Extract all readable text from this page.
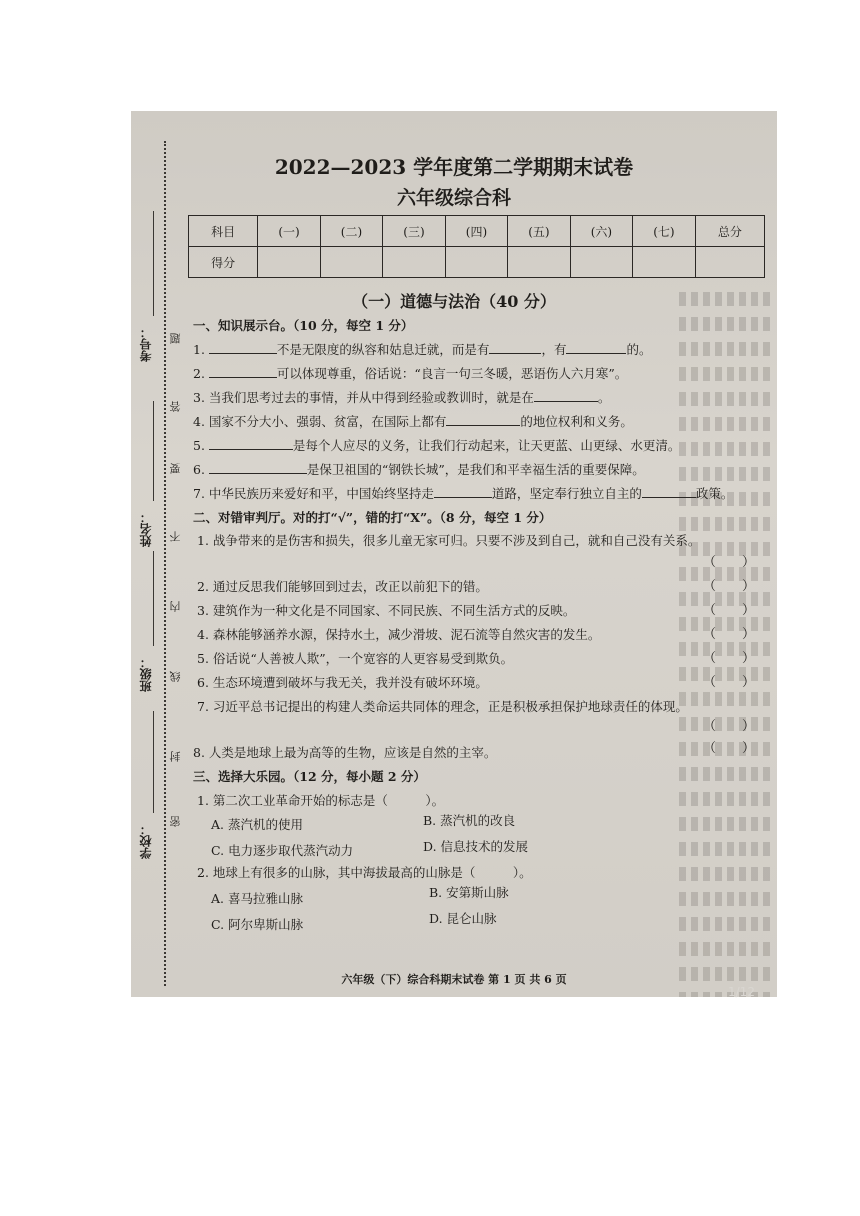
考号：
姓名：
班级：
学校：
题
答
要
不
内
线
封
密
2022—2023 学年度第二学期期末试卷
六年级综合科
科目	(一)	(二)	(三)	(四)	(五)	(六)	(七)	总分
得分								
（一）道德与法治（40 分）
一、知识展示台。（10 分，每空 1 分）
1.	不是无限度的纵容和姑息迁就，而是有	，有	的。
2.	可以体现尊重，俗话说：“良言一句三冬暖，恶语伤人六月寒”。
3. 当我们思考过去的事情，并从中得到经验或教训时，就是在	。
4. 国家不分大小、强弱、贫富，在国际上都有	的地位权利和义务。
5.	是每个人应尽的义务，让我们行动起来，让天更蓝、山更绿、水更清。
6.	是保卫祖国的“钢铁长城”，是我们和平幸福生活的重要保障。
7. 中华民族历来爱好和平，中国始终坚持走	道路，坚定奉行独立自主的	政策。
二、对错审判厅。对的打“√”，错的打“X”。（8 分，每空 1 分）
1. 战争带来的是伤害和损失，很多儿童无家可归。只要不涉及到自己，就和自己没有关系。
（　　）
2. 通过反思我们能够回到过去，改正以前犯下的错。	（　　）
3. 建筑作为一种文化是不同国家、不同民族、不同生活方式的反映。	（　　）
4. 森林能够涵养水源，保持水土，减少滑坡、泥石流等自然灾害的发生。	（　　）
5. 俗话说“人善被人欺”，一个宽容的人更容易受到欺负。	（　　）
6. 生态环境遭到破坏与我无关，我并没有破坏环境。	（　　）
7. 习近平总书记提出的构建人类命运共同体的理念，正是积极承担保护地球责任的体现。
（　　）
8. 人类是地球上最为高等的生物，应该是自然的主宰。	（　　）
三、选择大乐园。（12 分，每小题 2 分）
1. 第二次工业革命开始的标志是（　　　）。
A. 蒸汽机的使用	B. 蒸汽机的改良
C. 电力逐步取代蒸汽动力	D. 信息技术的发展
2. 地球上有很多的山脉，其中海拔最高的山脉是（　　　）。
A. 喜马拉雅山脉	B. 安第斯山脉
C. 阿尔卑斯山脉	D. 昆仑山脉
六年级（下）综合科期末试卷 第 1 页 共 6 页
1/12
